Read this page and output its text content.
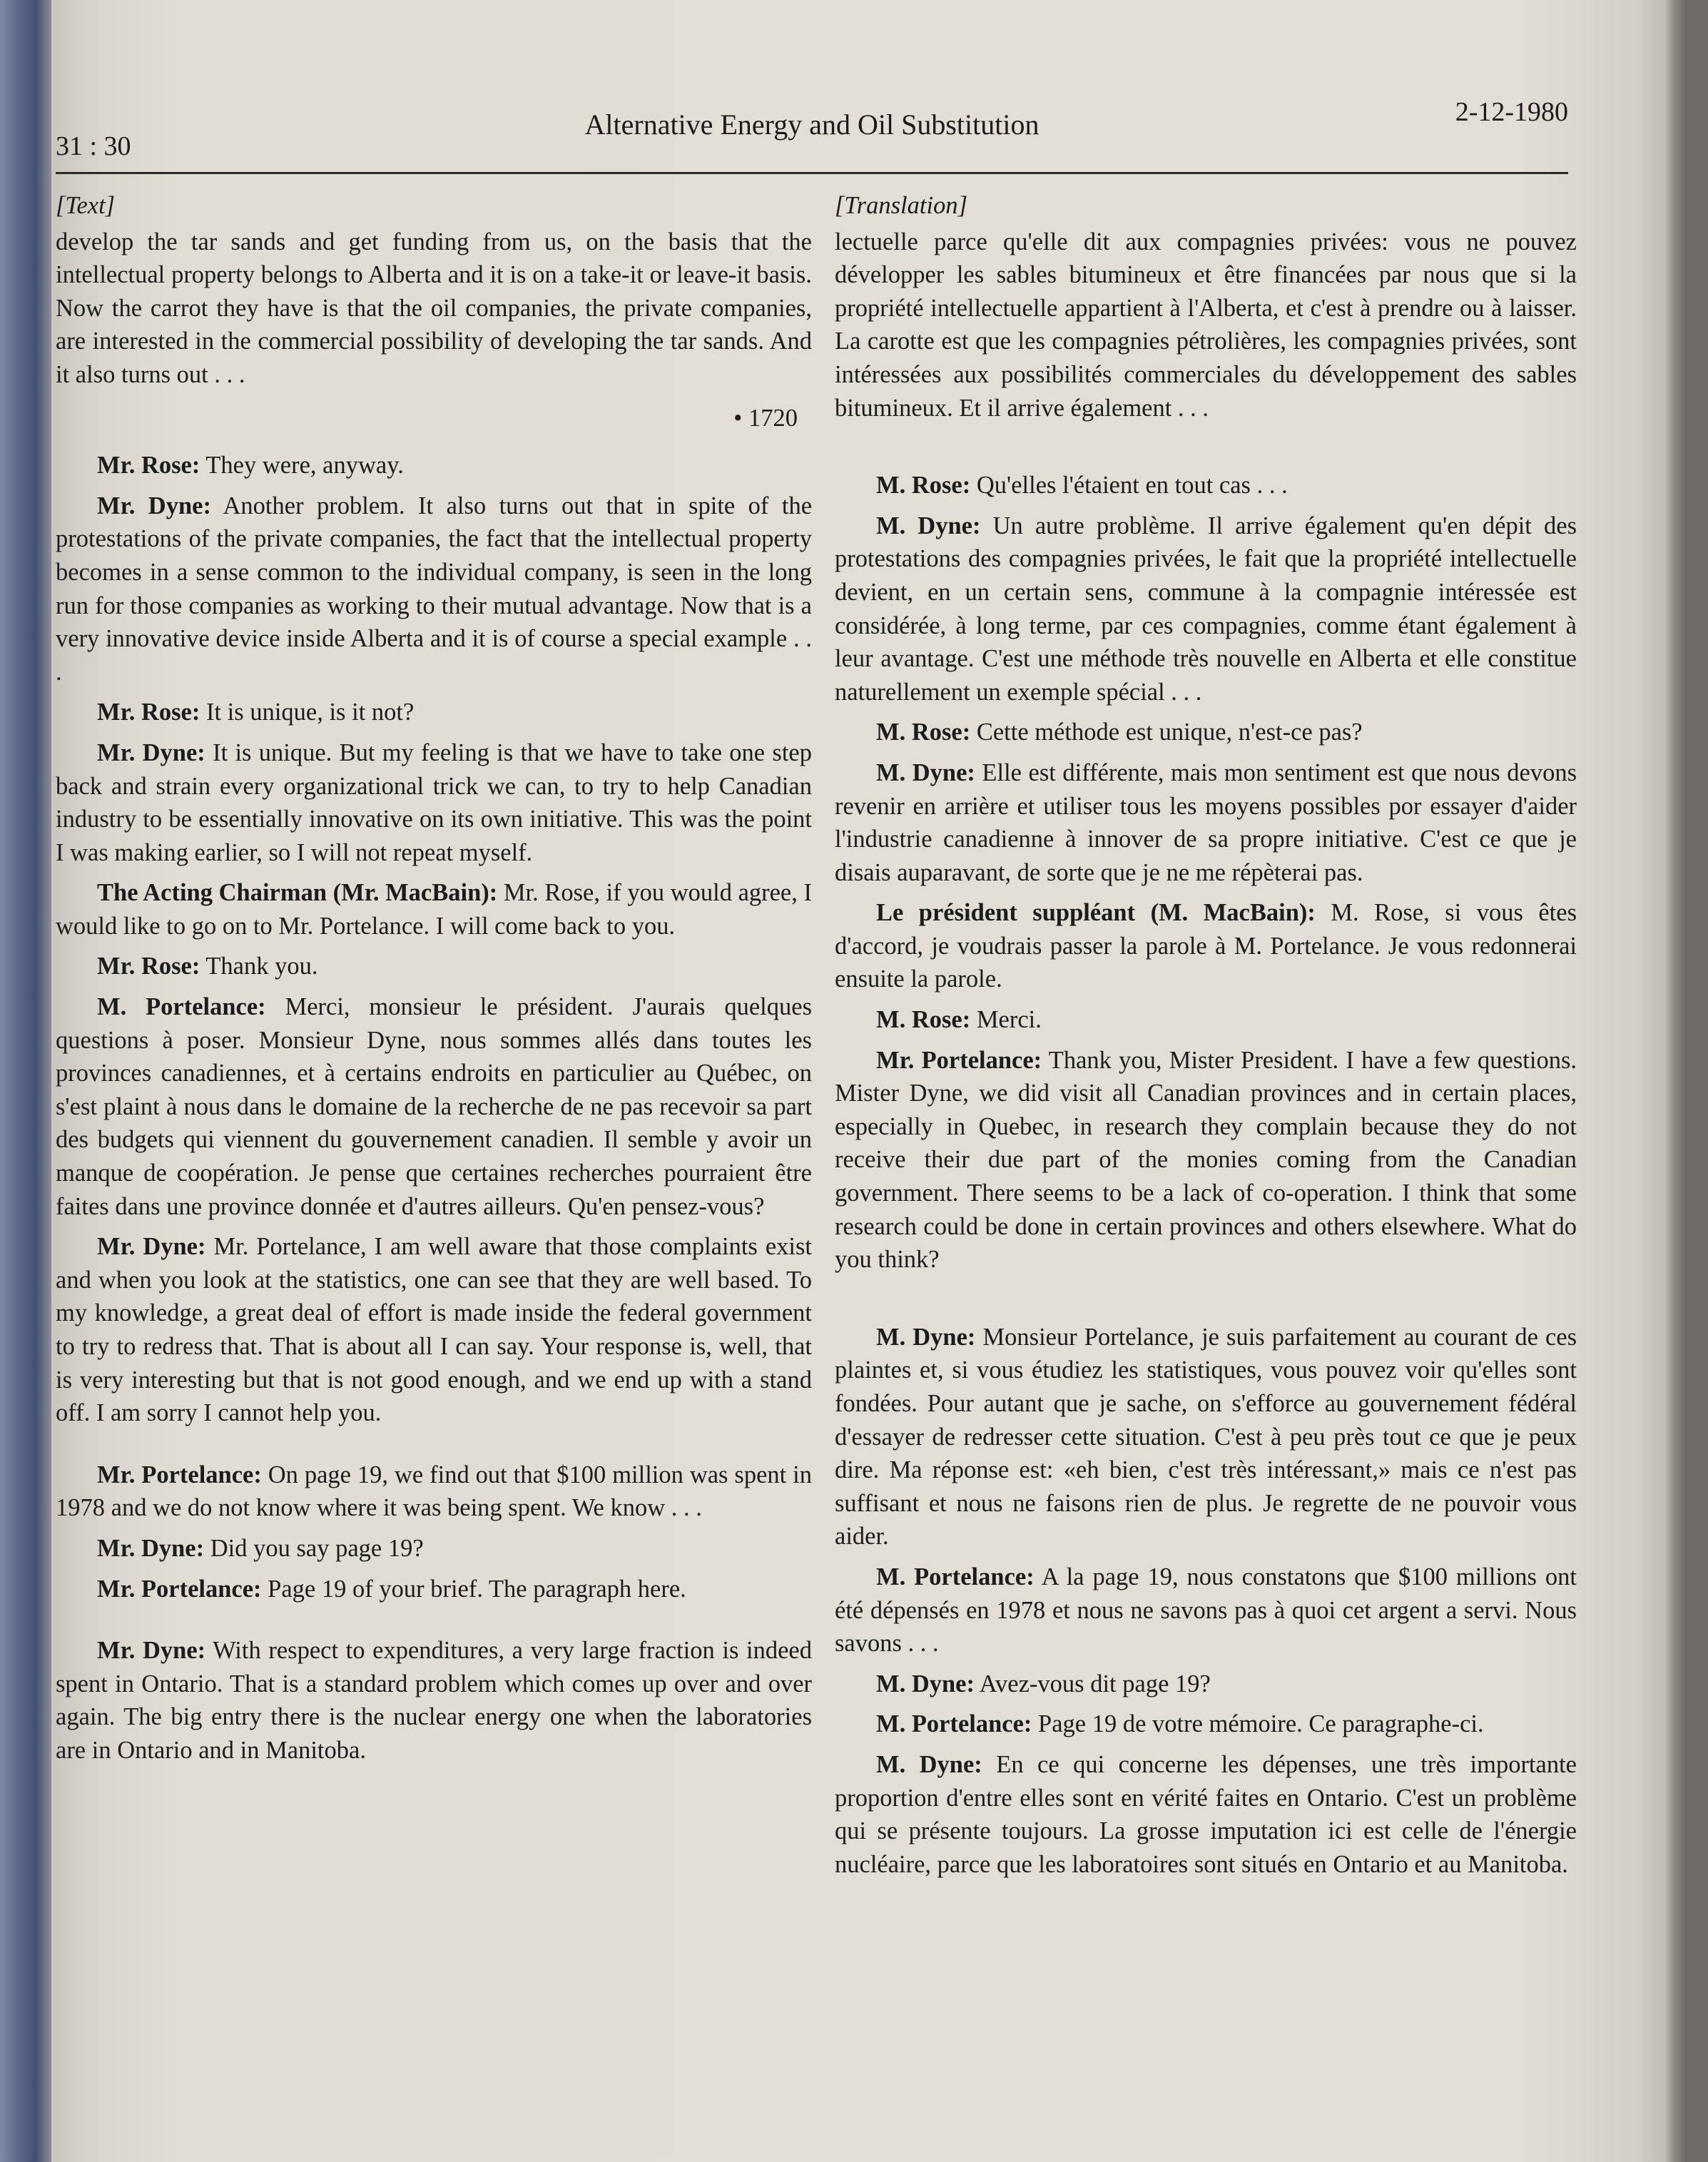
31 : 30
Alternative Energy and Oil Substitution	2-12-1980
[Text]
develop the tar sands and get funding from us, on the basis that the intellectual property belongs to Alberta and it is on a take-it or leave-it basis. Now the carrot they have is that the oil companies, the private companies, are interested in the commercial possibility of developing the tar sands. And it also turns out . . .
• 1720
Mr. Rose: They were, anyway.
Mr. Dyne: Another problem. It also turns out that in spite of the protestations of the private companies, the fact that the intellectual property becomes in a sense common to the individual company, is seen in the long run for those companies as working to their mutual advantage. Now that is a very innovative device inside Alberta and it is of course a special example . . .
Mr. Rose: It is unique, is it not?
Mr. Dyne: It is unique. But my feeling is that we have to take one step back and strain every organizational trick we can, to try to help Canadian industry to be essentially innovative on its own initiative. This was the point I was making earlier, so I will not repeat myself.
The Acting Chairman (Mr. MacBain): Mr. Rose, if you would agree, I would like to go on to Mr. Portelance. I will come back to you.
Mr. Rose: Thank you.
M. Portelance: Merci, monsieur le président. J'aurais quelques questions à poser. Monsieur Dyne, nous sommes allés dans toutes les provinces canadiennes, et à certains endroits en particulier au Québec, on s'est plaint à nous dans le domaine de la recherche de ne pas recevoir sa part des budgets qui viennent du gouvernement canadien. Il semble y avoir un manque de coopération. Je pense que certaines recherches pourraient être faites dans une province donnée et d'autres ailleurs. Qu'en pensez-vous?
Mr. Dyne: Mr. Portelance, I am well aware that those complaints exist and when you look at the statistics, one can see that they are well based. To my knowledge, a great deal of effort is made inside the federal government to try to redress that. That is about all I can say. Your response is, well, that is very interesting but that is not good enough, and we end up with a stand off. I am sorry I cannot help you.
Mr. Portelance: On page 19, we find out that $100 million was spent in 1978 and we do not know where it was being spent. We know . . .
Mr. Dyne: Did you say page 19?
Mr. Portelance: Page 19 of your brief. The paragraph here.
Mr. Dyne: With respect to expenditures, a very large fraction is indeed spent in Ontario. That is a standard problem which comes up over and over again. The big entry there is the nuclear energy one when the laboratories are in Ontario and in Manitoba.
[Translation]
lectuelle parce qu'elle dit aux compagnies privées: vous ne pouvez développer les sables bitumineux et être financées par nous que si la propriété intellectuelle appartient à l'Alberta, et c'est à prendre ou à laisser. La carotte est que les compagnies pétrolières, les compagnies privées, sont intéressées aux possibilités commerciales du développement des sables bitumineux. Et il arrive également . . .
M. Rose: Qu'elles l'étaient en tout cas . . .
M. Dyne: Un autre problème. Il arrive également qu'en dépit des protestations des compagnies privées, le fait que la propriété intellectuelle devient, en un certain sens, commune à la compagnie intéressée est considérée, à long terme, par ces compagnies, comme étant également à leur avantage. C'est une méthode très nouvelle en Alberta et elle constitue naturellement un exemple spécial . . .
M. Rose: Cette méthode est unique, n'est-ce pas?
M. Dyne: Elle est différente, mais mon sentiment est que nous devons revenir en arrière et utiliser tous les moyens possibles por essayer d'aider l'industrie canadienne à innover de sa propre initiative. C'est ce que je disais auparavant, de sorte que je ne me répèterai pas.
Le président suppléant (M. MacBain): M. Rose, si vous êtes d'accord, je voudrais passer la parole à M. Portelance. Je vous redonnerai ensuite la parole.
M. Rose: Merci.
Mr. Portelance: Thank you, Mister President. I have a few questions. Mister Dyne, we did visit all Canadian provinces and in certain places, especially in Quebec, in research they complain because they do not receive their due part of the monies coming from the Canadian government. There seems to be a lack of co-operation. I think that some research could be done in certain provinces and others elsewhere. What do you think?
M. Dyne: Monsieur Portelance, je suis parfaitement au courant de ces plaintes et, si vous étudiez les statistiques, vous pouvez voir qu'elles sont fondées. Pour autant que je sache, on s'efforce au gouvernement fédéral d'essayer de redresser cette situation. C'est à peu près tout ce que je peux dire. Ma réponse est: «eh bien, c'est très intéressant,» mais ce n'est pas suffisant et nous ne faisons rien de plus. Je regrette de ne pouvoir vous aider.
M. Portelance: A la page 19, nous constatons que $100 millions ont été dépensés en 1978 et nous ne savons pas à quoi cet argent a servi. Nous savons . . .
M. Dyne: Avez-vous dit page 19?
M. Portelance: Page 19 de votre mémoire. Ce paragraphe-ci.
M. Dyne: En ce qui concerne les dépenses, une très importante proportion d'entre elles sont en vérité faites en Ontario. C'est un problème qui se présente toujours. La grosse imputation ici est celle de l'énergie nucléaire, parce que les laboratoires sont situés en Ontario et au Manitoba.
